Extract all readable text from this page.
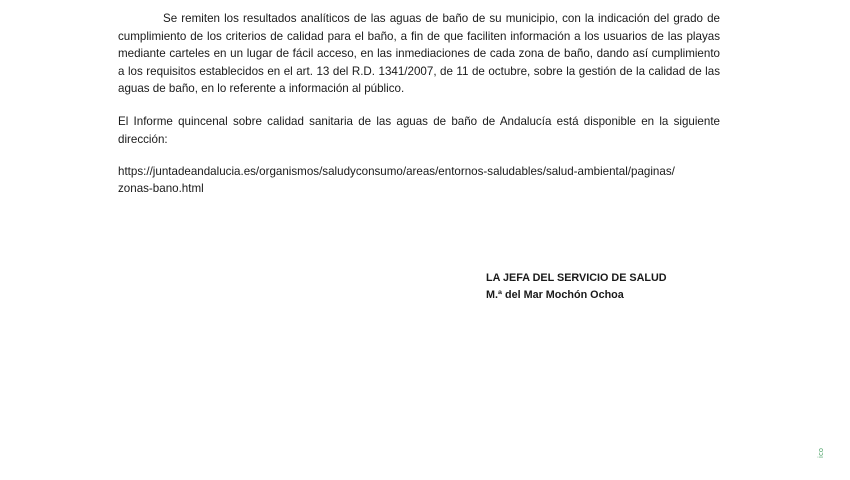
Se remiten los resultados analíticos de las aguas de baño de su municipio, con la indicación del grado de cumplimiento de los criterios de calidad para el baño, a fin de que faciliten información a los usuarios de las playas mediante carteles en un lugar de fácil acceso, en las inmediaciones de cada zona de baño, dando así cumplimiento a los requisitos establecidos en el art. 13 del R.D. 1341/2007, de 11 de octubre, sobre la gestión de la calidad de las aguas de baño, en lo referente a información al público.

El Informe quincenal sobre calidad sanitaria de las aguas de baño de Andalucía está disponible en la siguiente dirección:

https://juntadeandalucia.es/organismos/saludyconsumo/areas/entornos-saludables/salud-ambiental/paginas/

zonas-bano.html

LA JEFA DEL SERVICIO DE SALUD

M.ª del Mar Mochón Ochoa

ico
